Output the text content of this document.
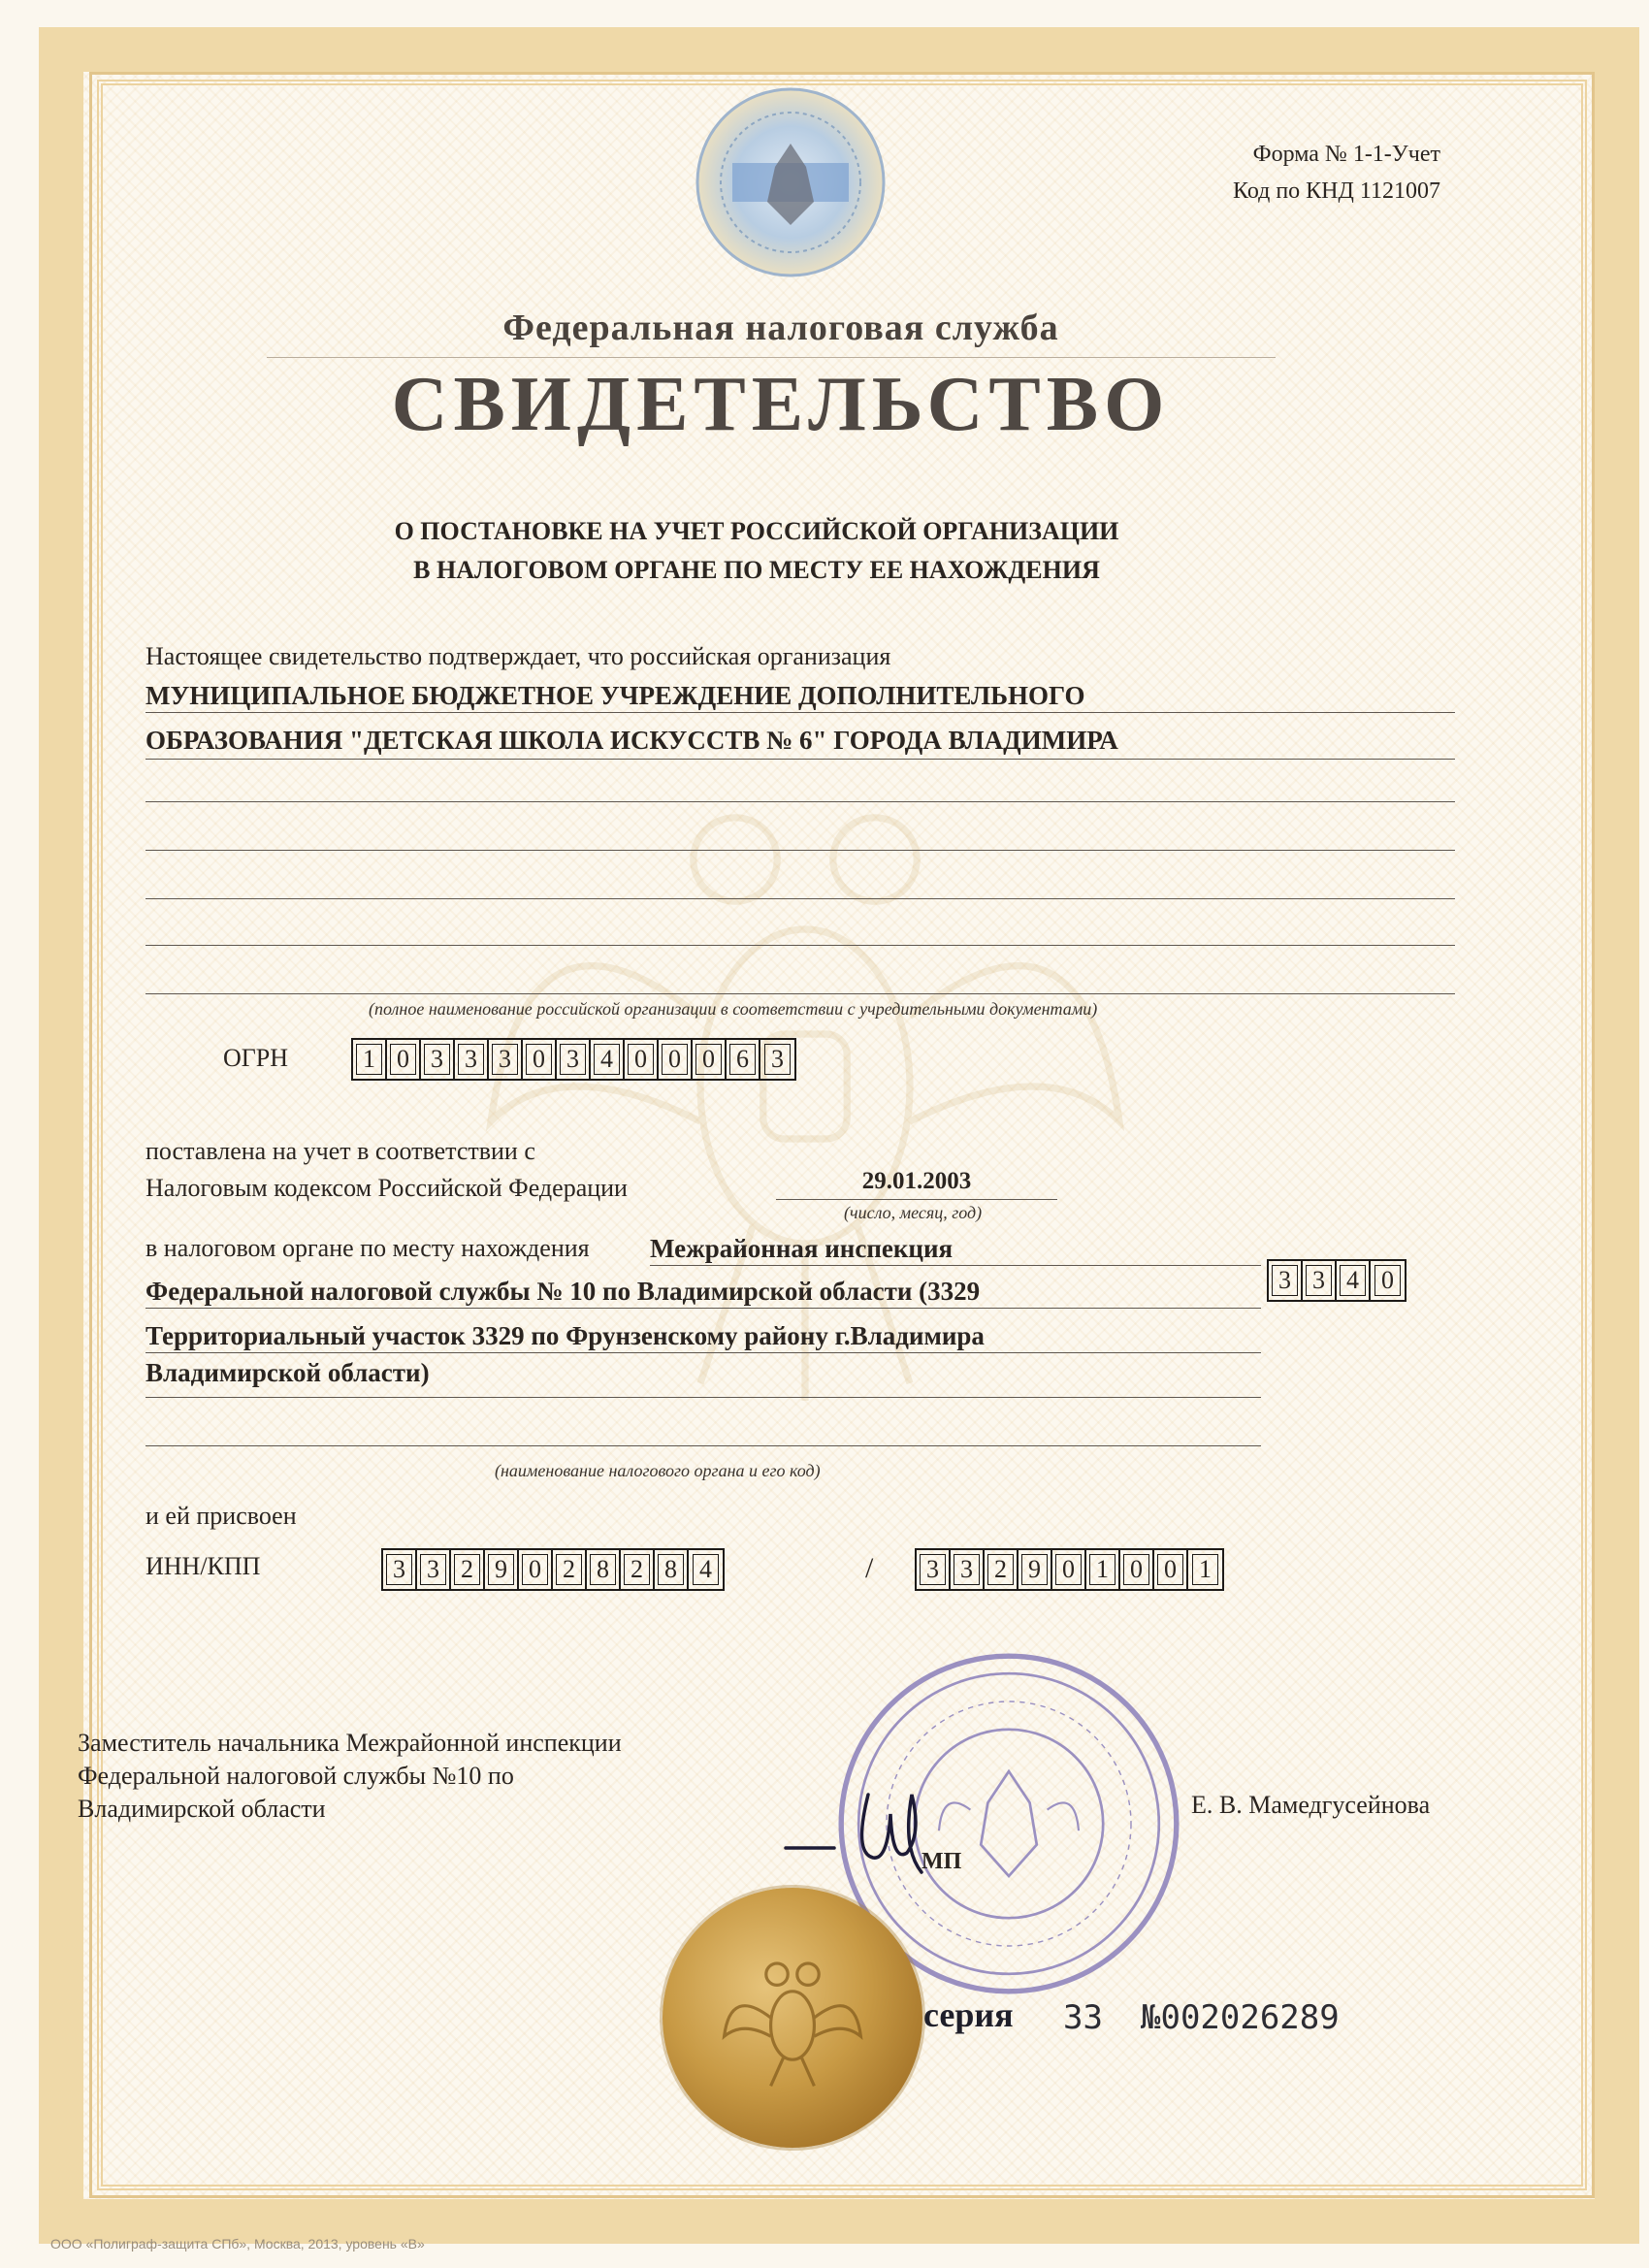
Форма № 1-1-Учет
Код по КНД 1121007
Федеральная налоговая служба
СВИДЕТЕЛЬСТВО
О ПОСТАНОВКЕ НА УЧЕТ РОССИЙСКОЙ ОРГАНИЗАЦИИ
В НАЛОГОВОМ ОРГАНЕ ПО МЕСТУ ЕЕ НАХОЖДЕНИЯ
Настоящее свидетельство подтверждает, что российская организация
МУНИЦИПАЛЬНОЕ БЮДЖЕТНОЕ УЧРЕЖДЕНИЕ ДОПОЛНИТЕЛЬНОГО
ОБРАЗОВАНИЯ "ДЕТСКАЯ ШКОЛА ИСКУССТВ № 6" ГОРОДА ВЛАДИМИРА
(полное наименование российской организации в соответствии с учредительными документами)
ОГРН	1 0 3 3 3 0 3 4 0 0 0 6 3
поставлена на учет в соответствии с
Налоговым кодексом Российской Федерации	29.01.2003
(число, месяц, год)
в налоговом органе по месту нахождения Межрайонная инспекция
Федеральной налоговой службы № 10 по Владимирской области (3329	3 3 4 0
Территориальный участок 3329 по Фрунзенскому району г.Владимира
Владимирской области)
(наименование налогового органа и его код)
и ей присвоен
ИНН/КПП	3 3 2 9 0 2 8 2 8 4	/ 3 3 2 9 0 1 0 0 1
Заместитель начальника Межрайонной инспекции
Федеральной налоговой службы №10 по
Владимирской области	Е. В. Мамедгусейнова
МП
серия 33 №002026289
ООО «Полиграф-защита СПб», Москва, 2013, уровень «В»
